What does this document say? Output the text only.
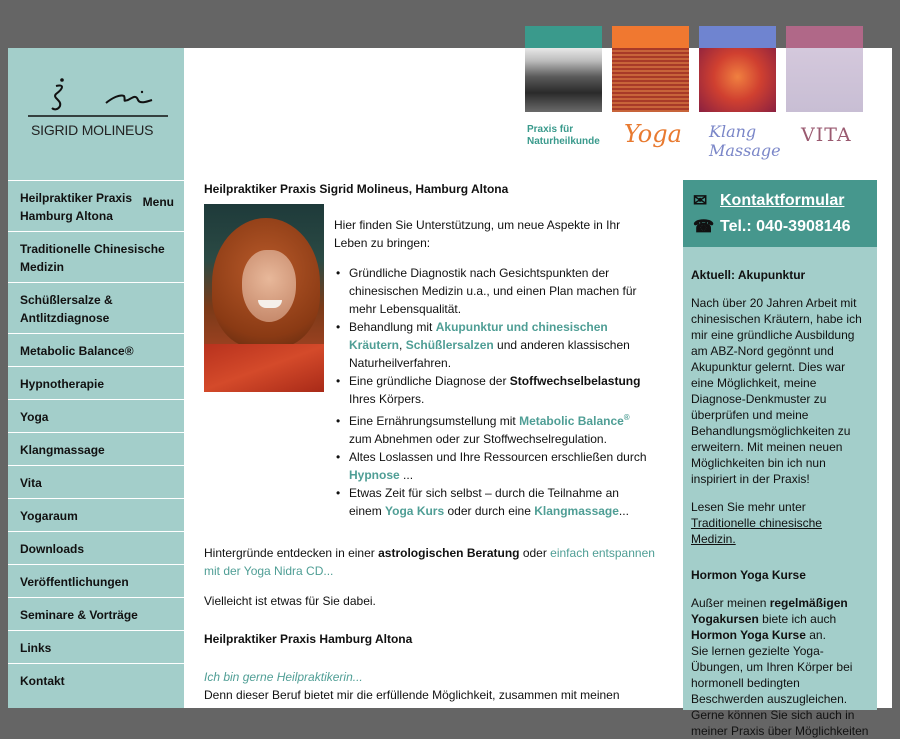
SIGRID MOLINEUS
Heilpraktiker Praxis Hamburg Altona
Menu
Traditionelle Chinesische Medizin
Schüßlersalze & Antlitzdiagnose
Metabolic Balance®
Hypnotherapie
Yoga
Klangmassage
Vita
Yogaraum
Downloads
Veröffentlichungen
Seminare & Vorträge
Links
Kontakt
Praxis für
Naturheilkunde Yoga Klang
Massage
VITA
Heilpraktiker Praxis Sigrid Molineus, Hamburg Altona
Hier finden Sie Unterstützung, um neue Aspekte in Ihr Leben zu bringen:
• Gründliche Diagnostik nach Gesichtspunkten der chinesischen Medizin u.a., und einen Plan machen für mehr Lebensqualität.
• Behandlung mit Akupunktur und chinesischen Kräutern, Schüßlersalzen und anderen klassischen Naturheilverfahren.
• Eine gründliche Diagnose der Stoffwechselbelastung Ihres Körpers.
• Eine Ernährungsumstellung mit Metabolic Balance® zum Abnehmen oder zur Stoffwechselregulation.
• Altes Loslassen und Ihre Ressourcen erschließen durch Hypnose ...
• Etwas Zeit für sich selbst – durch die Teilnahme an einem Yoga Kurs oder durch eine Klangmassage...

Hintergründe entdecken in einer astrologischen Beratung oder einfach entspannen mit der Yoga Nidra CD...

Vielleicht ist etwas für Sie dabei.

Heilpraktiker Praxis Hamburg Altona

Ich bin gerne Heilpraktikerin...

Denn dieser Beruf bietet mir die erfüllende Möglichkeit, zusammen mit meinen

✉ Kontaktformular
☎ Tel.: 040-3908146
Aktuell: Akupunktur

Nach über 20 Jahren Arbeit mit chinesischen Kräutern, habe ich mir eine gründliche Ausbildung am ABZ-Nord gegönnt und Akupunktur gelernt. Dies war eine Möglichkeit, meine Diagnose-Denkmuster zu überprüfen und meine Behandlungsmöglichkeiten zu erweitern. Mit meinen neuen Möglichkeiten bin ich nun inspiriert in der Praxis!

Lesen Sie mehr unter
Traditionelle chinesische Medizin.
Hormon Yoga Kurse
Außer meinen regelmäßigen Yogakursen biete ich auch Hormon Yoga Kurse an.
Sie lernen gezielte Yoga-Übungen, um Ihren Körper bei hormonell bedingten Beschwerden auszugleichen.
Gerne können Sie sich auch in meiner Praxis über Möglichkeiten
